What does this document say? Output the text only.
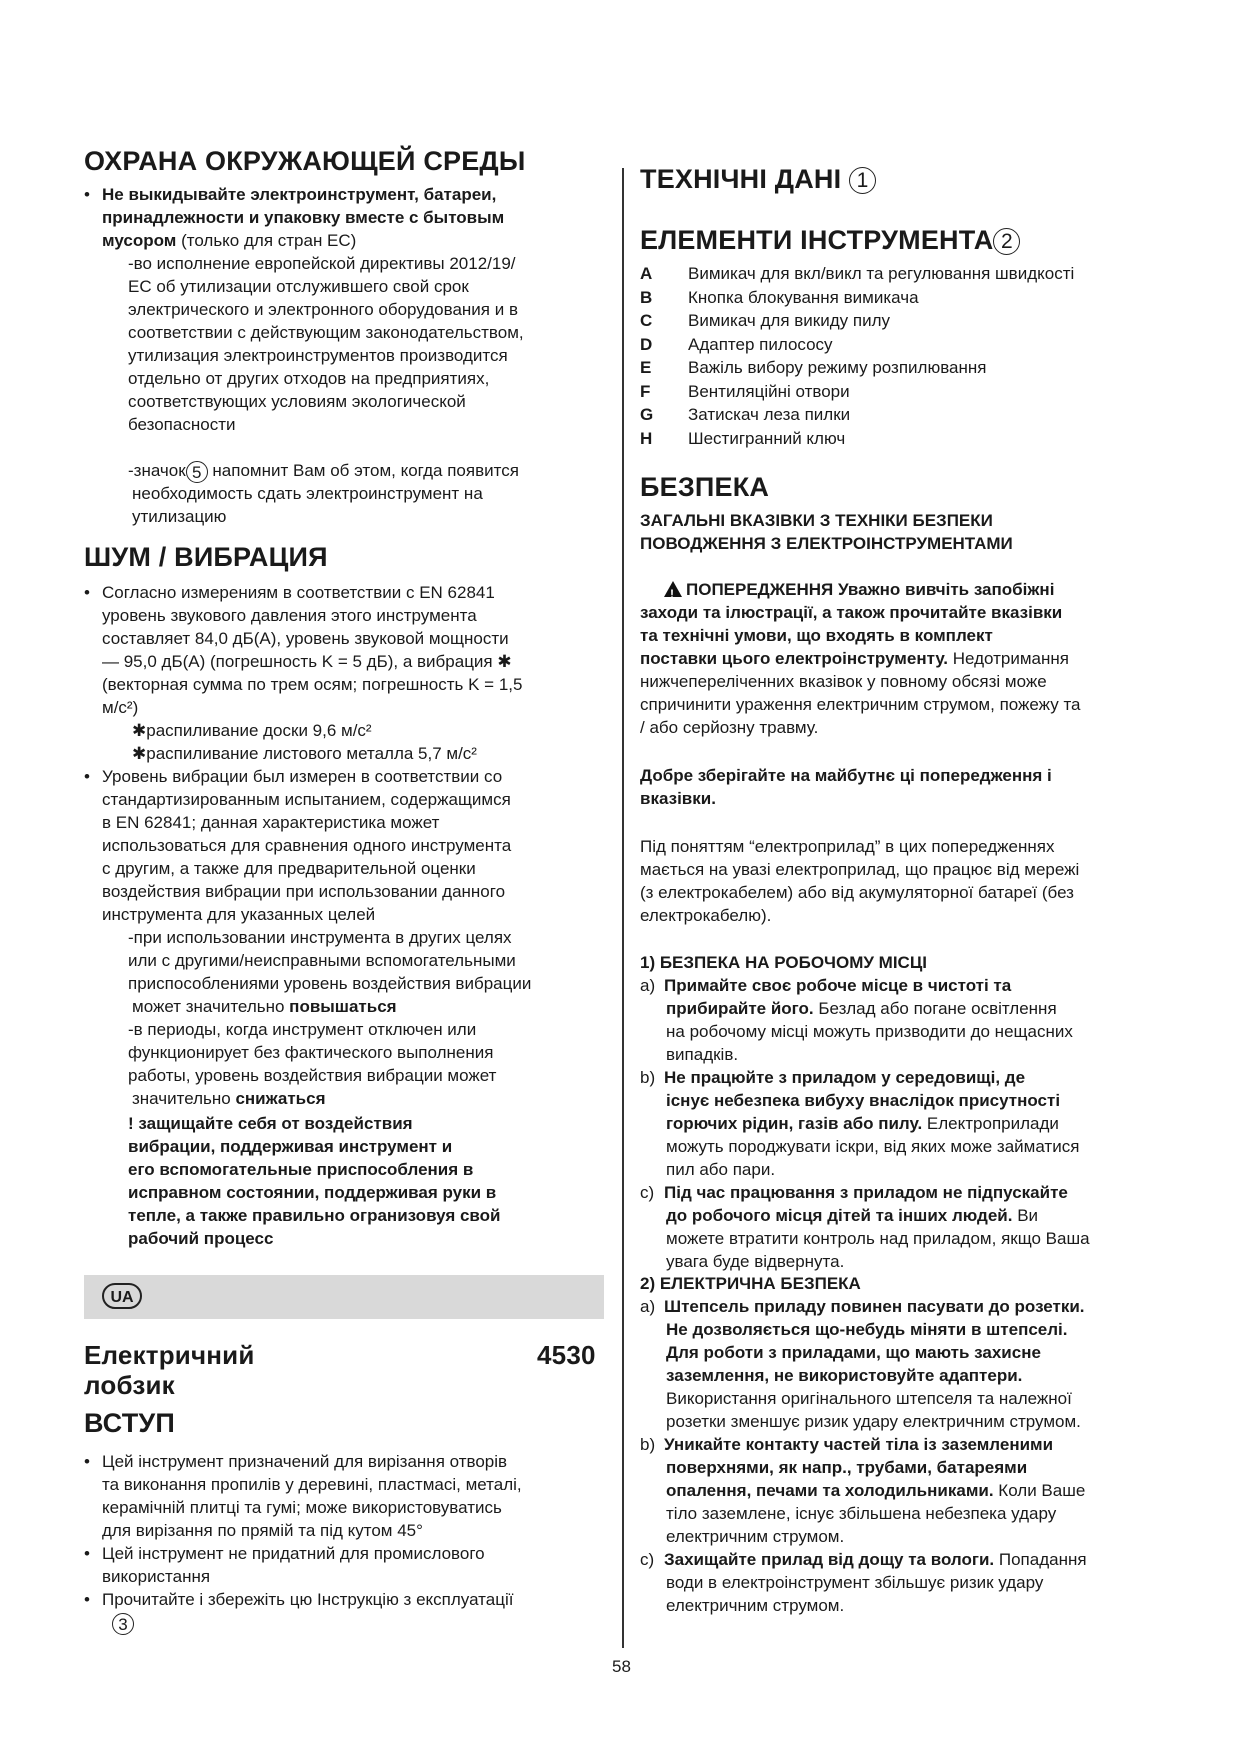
ОХРАНА ОКРУЖАЮЩЕЙ СРЕДЫ
• Не выкидывайте электроинструмент, батареи,
принадлежности и упаковку вместе с бытовым
мусором (только для стран ЕС)
-во исполнение европейской директивы 2012/19/
ЕС об утилизации отслужившего свой срок
электрического и электронного оборудования и в
соответствии с действующим законодательством,
утилизация электроинструментов производится
отдельно от других отходов на предприятиях,
соответствующих условиям экологической
безопасности
-значок 5 напомнит Вам об этом, когда появится
необходимость сдать электроинструмент на
утилизацию
ШУМ / ВИБРАЦИЯ
• Согласно измерениям в соответствии с EN 62841
уровень звукового давления этого инструмента
составляет 84,0 дБ(A), уровень звуковой мощности
— 95,0 дБ(A) (погрешность K = 5 дБ), а вибрация ✱
(векторная сумма по трем осям; погрешность K = 1,5
м/с²)
✱распиливание доски 9,6 м/с²
✱распиливание листового металла 5,7 м/с²
• Уровень вибрации был измерен в соответствии со
стандартизированным испытанием, содержащимся
в EN 62841; данная характеристика может
использоваться для сравнения одного инструмента
с другим, а также для предварительной оценки
воздействия вибрации при использовании данного
инструмента для указанных целей
-при использовании инструмента в других целях
или с другими/неисправными вспомогательными
приспособлениями уровень воздействия вибрации
может значительно повышаться
-в периоды, когда инструмент отключен или
функционирует без фактического выполнения
работы, уровень воздействия вибрации может
значительно снижаться
! защищайте себя от воздействия
вибрации, поддерживая инструмент и
его вспомогательные приспособления в
исправном состоянии, поддерживая руки в
тепле, а также правильно огранизовуя свой
рабочий процесс
UA
Електричний
лобзик
4530
ВСТУП
• Цей інструмент призначений для вирізання отворів
та виконання пропилів у деревині, пластмасі, металі,
керамічній плитці та гумі; може використовуватись
для вирізання по прямій та під кутом 45°
• Цей інструмент не придатний для промислового
використання
• Прочитайте і збережіть цю Інструкцію з експлуатації
3
ТЕХНІЧНІ ДАНІ 1
ЕЛЕМЕНТИ ІНСТРУМЕНТА 2
A Вимикач для вкл/викл та регулювання швидкості
B Кнопка блокування вимикача
C Вимикач для викиду пилу
D Адаптер пилососу
E Важіль вибору режиму розпилювання
F Вентиляційні отвори
G Затискач леза пилки
H Шестигранний ключ
БЕЗПЕКА
ЗАГАЛЬНІ ВКАЗІВКИ З ТЕХНІКИ БЕЗПЕКИ
ПОВОДЖЕННЯ З ЕЛЕКТРОІНСТРУМЕНТАМИ
!ПОПЕРЕДЖЕННЯ Уважно вивчіть запобіжні
заходи та ілюстрації, а також прочитайте вказівки
та технічні умови, що входять в комплект
поставки цього електроінструменту. Недотримання
нижчепереліченних вказівок у повному обсязі може
спричинити ураження електричним струмом, пожежу та
/ або серйозну травму.
Добре зберігайте на майбутнє ці попередження і
вказівки.
Під поняттям “електроприлад” в цих попередженнях
мається на увазі електроприлад, що працює від мережі
(з електрокабелем) або від акумуляторної батареї (без
електрокабелю).
1) БЕЗПЕКА НА РОБОЧОМУ МІСЦІ
a) Примайте своє робоче місце в чистоті та
прибирайте його. Безлад або погане освітлення
на робочому місці можуть призводити до нещасних
випадків.
b) Не працюйте з приладом у середовищі, де
існує небезпека вибуху внаслідок присутності
горючих рідин, газів або пилу. Електроприлади
можуть породжувати іскри, від яких може займатися
пил або пари.
c) Під час працювання з приладом не підпускайте
до робочого місця дітей та інших людей. Ви
можете втратити контроль над приладом, якщо Ваша
увага буде відвернута.
2) ЕЛЕКТРИЧНА БЕЗПЕКА
a) Штепсель приладу повинен пасувати до розетки.
Не дозволяється що-небудь міняти в штепселі.
Для роботи з приладами, що мають захисне
заземлення, не використовуйте адаптери.
Використання оригінального штепселя та належної
розетки зменшує ризик удару електричним струмом.
b) Уникайте контакту частей тіла із заземленими
поверхнями, як напр., трубами, батареями
опалення, печами та холодильниками. Коли Ваше
тіло заземлене, існує збільшена небезпека удару
електричним струмом.
c) Захищайте прилад від дощу та вологи. Попадання
води в електроінструмент збільшує ризик удару
електричним струмом.
58
